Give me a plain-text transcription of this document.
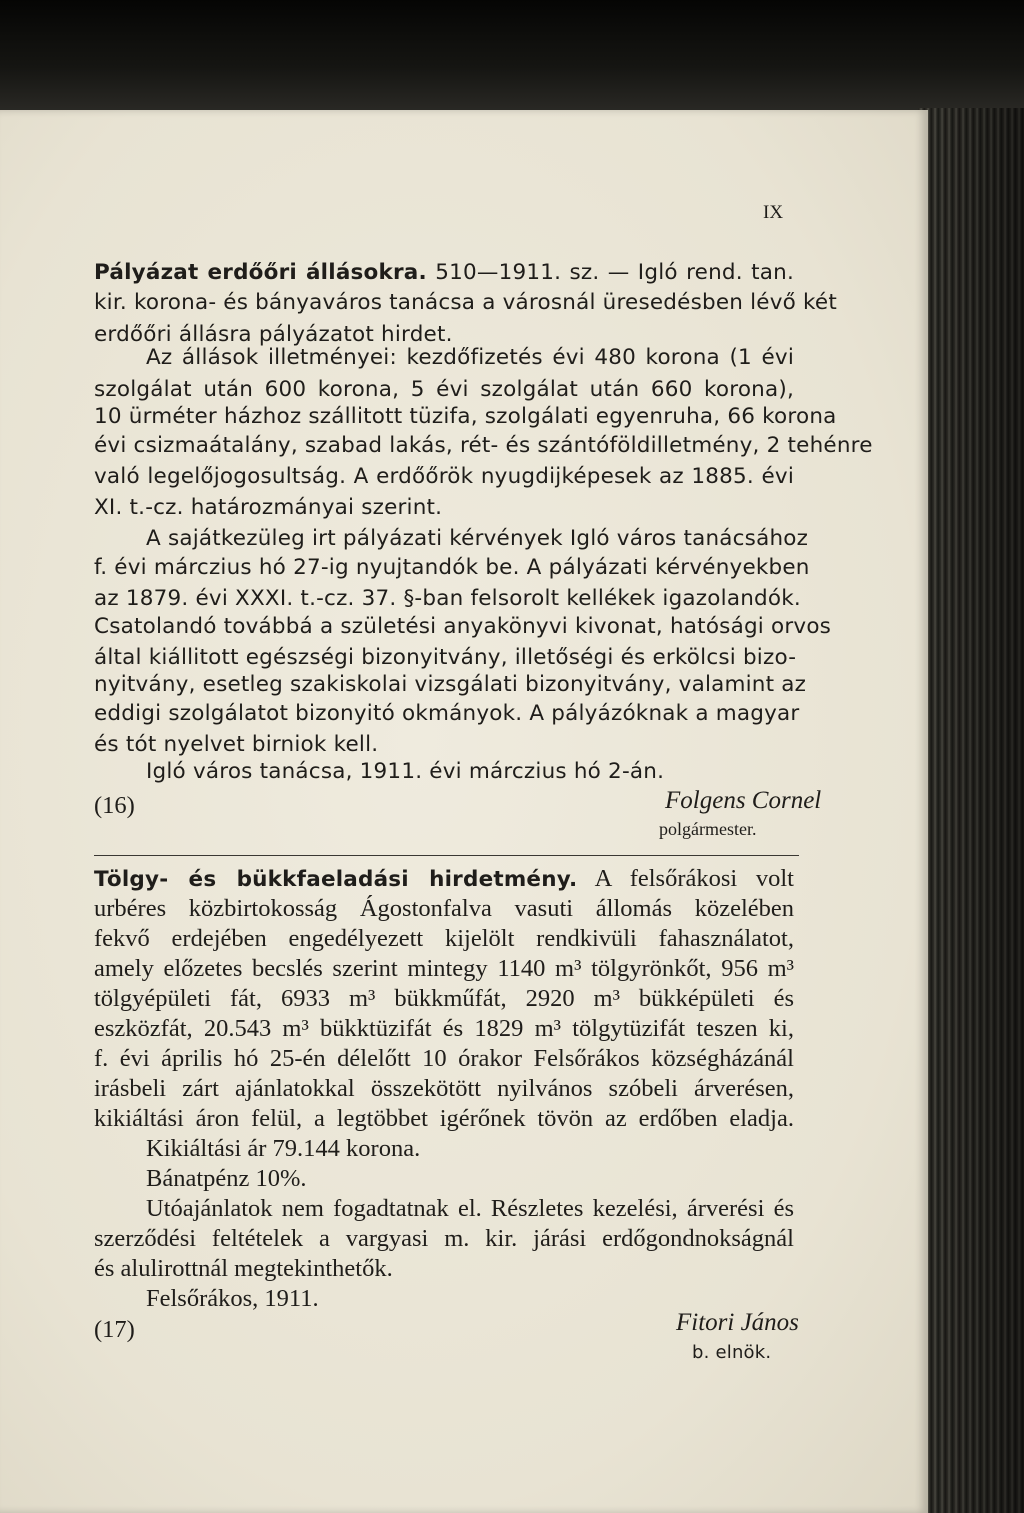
IX
Pályázat erdőőri állásokra. 510—1911. sz. — Igló rend. tan.
kir. korona- és bányaváros tanácsa a városnál üresedésben lévő két
erdőőri állásra pályázatot hirdet.
Az állások illetményei: kezdőfizetés évi 480 korona (1 évi
szolgálat után 600 korona, 5 évi szolgálat után 660 korona),
10 ürméter házhoz szállitott tüzifa, szolgálati egyenruha, 66 korona
évi csizmaátalány, szabad lakás, rét- és szántóföldilletmény, 2 tehénre
való legelőjogosultság. A erdőőrök nyugdijképesek az 1885. évi
XI. t.-cz. határozmányai szerint.
A sajátkezüleg irt pályázati kérvények Igló város tanácsához
f. évi márczius hó 27-ig nyujtandók be. A pályázati kérvényekben
az 1879. évi XXXI. t.-cz. 37. §-ban felsorolt kellékek igazolandók.
Csatolandó továbbá a születési anyakönyvi kivonat, hatósági orvos
által kiállitott egészségi bizonyitvány, illetőségi és erkölcsi bizo-
nyitvány, esetleg szakiskolai vizsgálati bizonyitvány, valamint az
eddigi szolgálatot bizonyitó okmányok. A pályázóknak a magyar
és tót nyelvet birniok kell.
Igló város tanácsa, 1911. évi márczius hó 2-án.
(16)	Folgens Cornel
polgármester.
Tölgy- és bükkfaeladási hirdetmény. A felsőrákosi volt
urbéres közbirtokosság Ágostonfalva vasuti állomás közelében
fekvő erdejében engedélyezett kijelölt rendkivüli fahasználatot,
amely előzetes becslés szerint mintegy 1140 m³ tölgyrönkőt, 956 m³
tölgyépületi fát, 6933 m³ bükkműfát, 2920 m³ bükképületi és
eszközfát, 20.543 m³ bükktüzifát és 1829 m³ tölgytüzifát teszen ki,
f. évi április hó 25-én délelőtt 10 órakor Felsőrákos községházánál
irásbeli zárt ajánlatokkal összekötött nyilvános szóbeli árverésen,
kikiáltási áron felül, a legtöbbet igérőnek tövön az erdőben eladja.
Kikiáltási ár 79.144 korona.
Bánatpénz 10%.
Utóajánlatok nem fogadtatnak el. Részletes kezelési, árverési és
szerződési feltételek a vargyasi m. kir. járási erdőgondnokságnál
és alulirottnál megtekinthetők.
Felsőrákos, 1911.
(17)	Fitori János
b. elnök.
